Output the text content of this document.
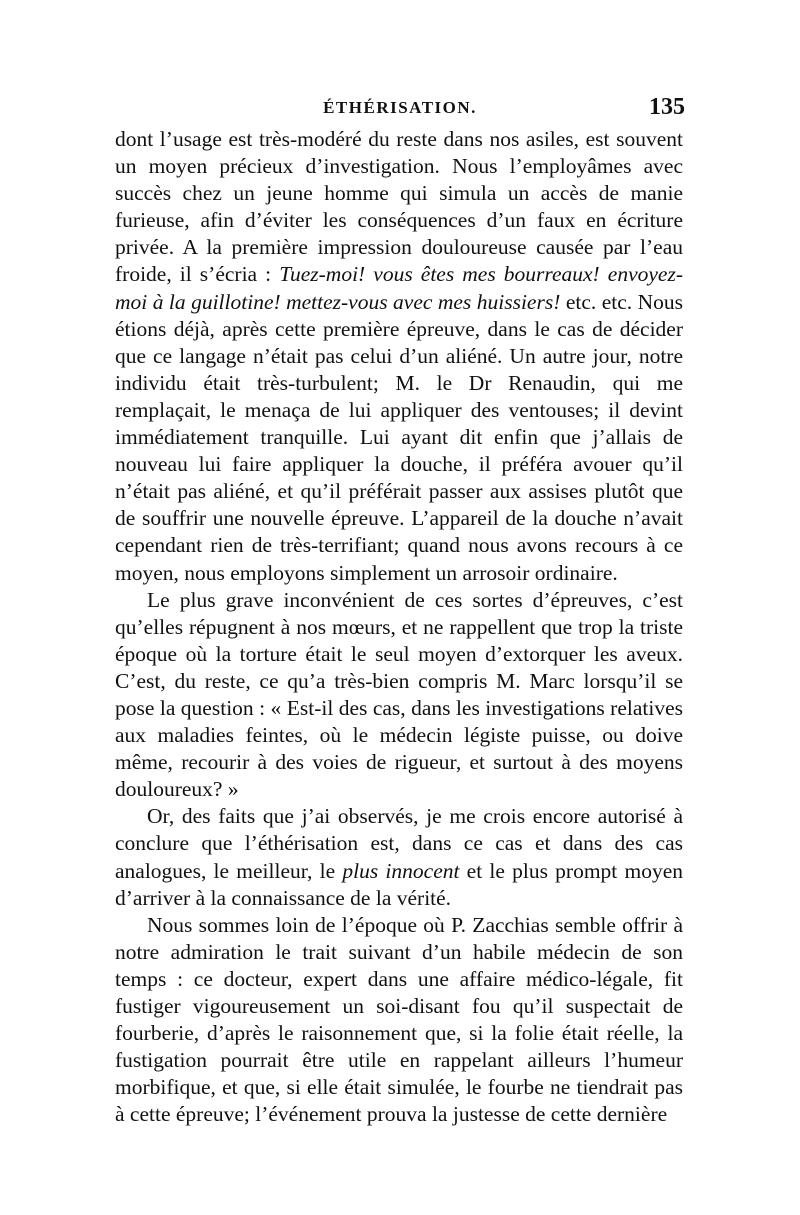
ÉTHÉRISATION.	135

dont l’usage est très-modéré du reste dans nos asiles, est souvent un moyen précieux d’investigation. Nous l’employâmes avec succès chez un jeune homme qui simula un accès de manie furieuse, afin d’éviter les conséquences d’un faux en écriture privée. A la première impression douloureuse causée par l’eau froide, il s’écria : Tuez-moi! vous êtes mes bourreaux! envoyez-moi à la guillotine! mettez-vous avec mes huissiers! etc. etc. Nous étions déjà, après cette première épreuve, dans le cas de décider que ce langage n’était pas celui d’un aliéné. Un autre jour, notre individu était très-turbulent; M. le Dr Renaudin, qui me remplaçait, le menaça de lui appliquer des ventouses; il devint immédiatement tranquille. Lui ayant dit enfin que j’allais de nouveau lui faire appliquer la douche, il préféra avouer qu’il n’était pas aliéné, et qu’il préférait passer aux assises plutôt que de souffrir une nouvelle épreuve. L’appareil de la douche n’avait cependant rien de très-terrifiant; quand nous avons recours à ce moyen, nous employons simplement un arrosoir ordinaire.

Le plus grave inconvénient de ces sortes d’épreuves, c’est qu’elles répugnent à nos mœurs, et ne rappellent que trop la triste époque où la torture était le seul moyen d’extorquer les aveux. C’est, du reste, ce qu’a très-bien compris M. Marc lorsqu’il se pose la question : « Est-il des cas, dans les investigations relatives aux maladies feintes, où le médecin légiste puisse, ou doive même, recourir à des voies de rigueur, et surtout à des moyens douloureux? »

Or, des faits que j’ai observés, je me crois encore autorisé à conclure que l’éthérisation est, dans ce cas et dans des cas analogues, le meilleur, le plus innocent et le plus prompt moyen d’arriver à la connaissance de la vérité.

Nous sommes loin de l’époque où P. Zacchias semble offrir à notre admiration le trait suivant d’un habile médecin de son temps : ce docteur, expert dans une affaire médico-légale, fit fustiger vigoureusement un soi-disant fou qu’il suspectait de fourberie, d’après le raisonnement que, si la folie était réelle, la fustigation pourrait être utile en rappelant ailleurs l’humeur morbifique, et que, si elle était simulée, le fourbe ne tiendrait pas à cette épreuve; l’événement prouva la justesse de cette dernière
